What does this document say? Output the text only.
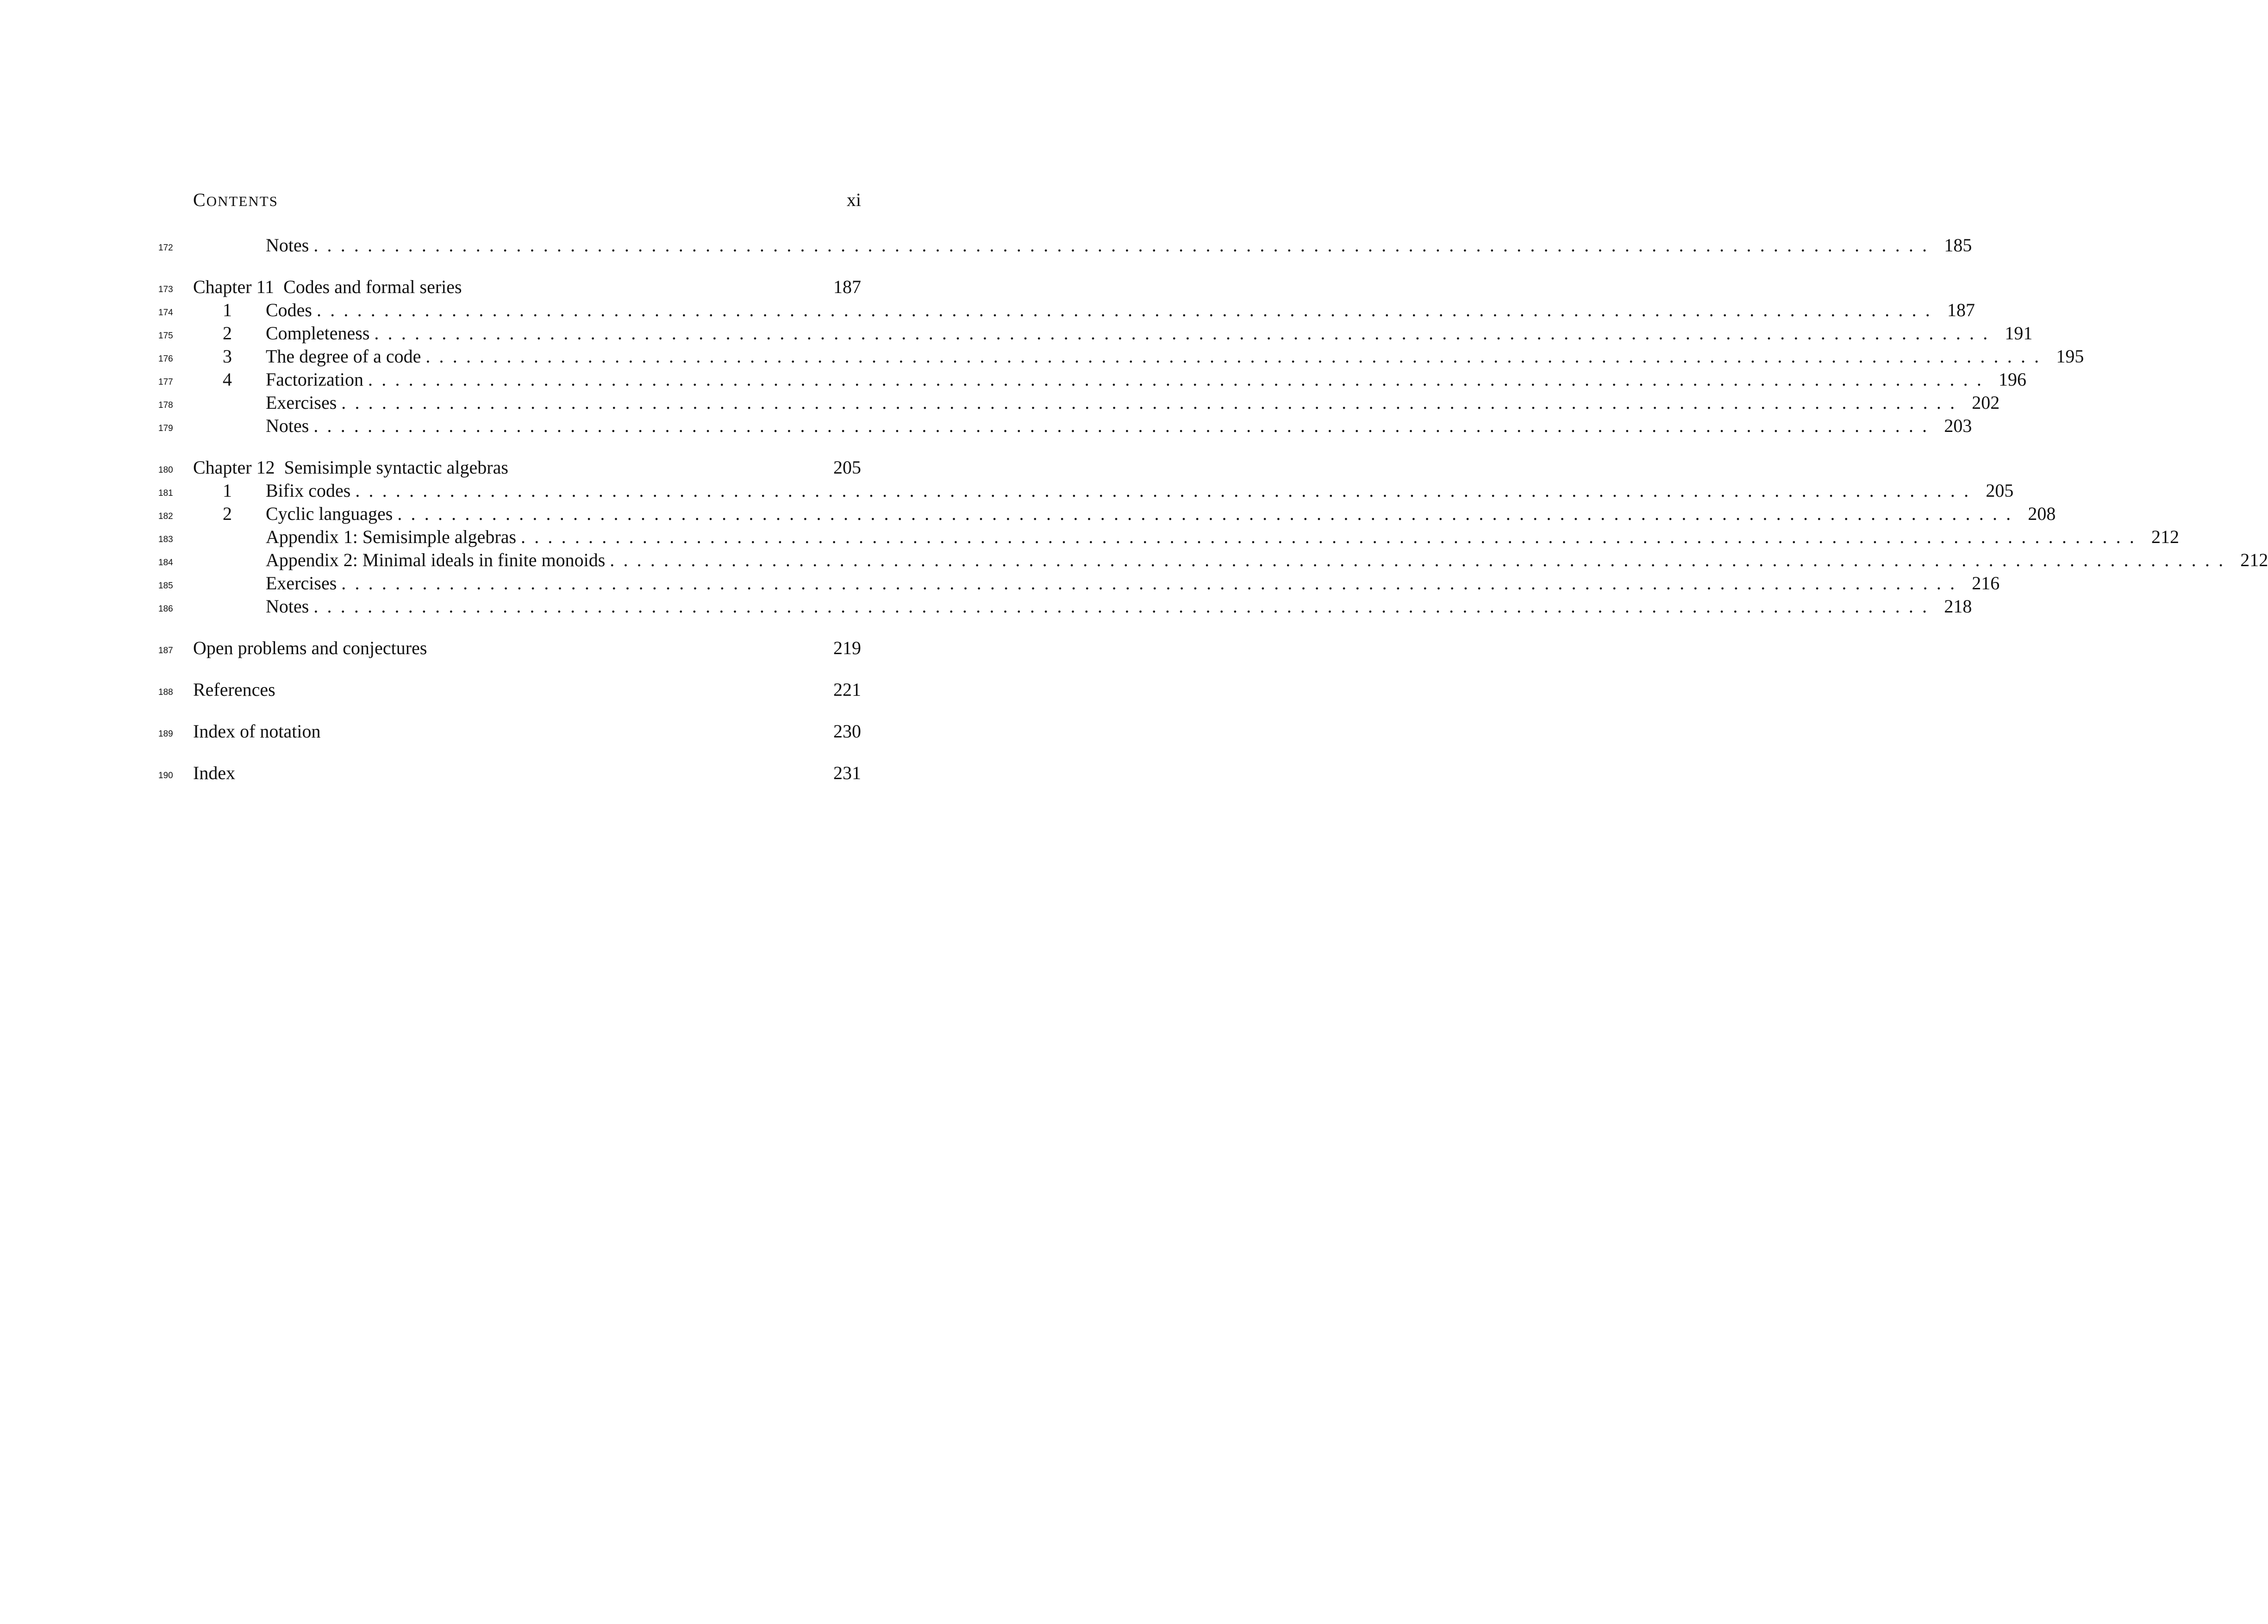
CONTENTS	xi
172	Notes ........................................................................................................................ 185
173	Chapter 11  Codes and formal series	187
174	1	Codes ........................................................................................................................ 187
175	2	Completeness ........................................................................................................................ 191
176	3	The degree of a code ........................................................................................................................ 195
177	4	Factorization ........................................................................................................................ 196
178	Exercises ........................................................................................................................ 202
179	Notes ........................................................................................................................ 203
180	Chapter 12  Semisimple syntactic algebras	205
181	1	Bifix codes ........................................................................................................................ 205
182	2	Cyclic languages ........................................................................................................................ 208
183	Appendix 1: Semisimple algebras ........................................................................................................................ 212
184	Appendix 2: Minimal ideals in finite monoids ........................................................................................................................ 212
185	Exercises ........................................................................................................................ 216
186	Notes ........................................................................................................................ 218
187	Open problems and conjectures	219
188	References	221
189	Index of notation	230
190	Index	231
